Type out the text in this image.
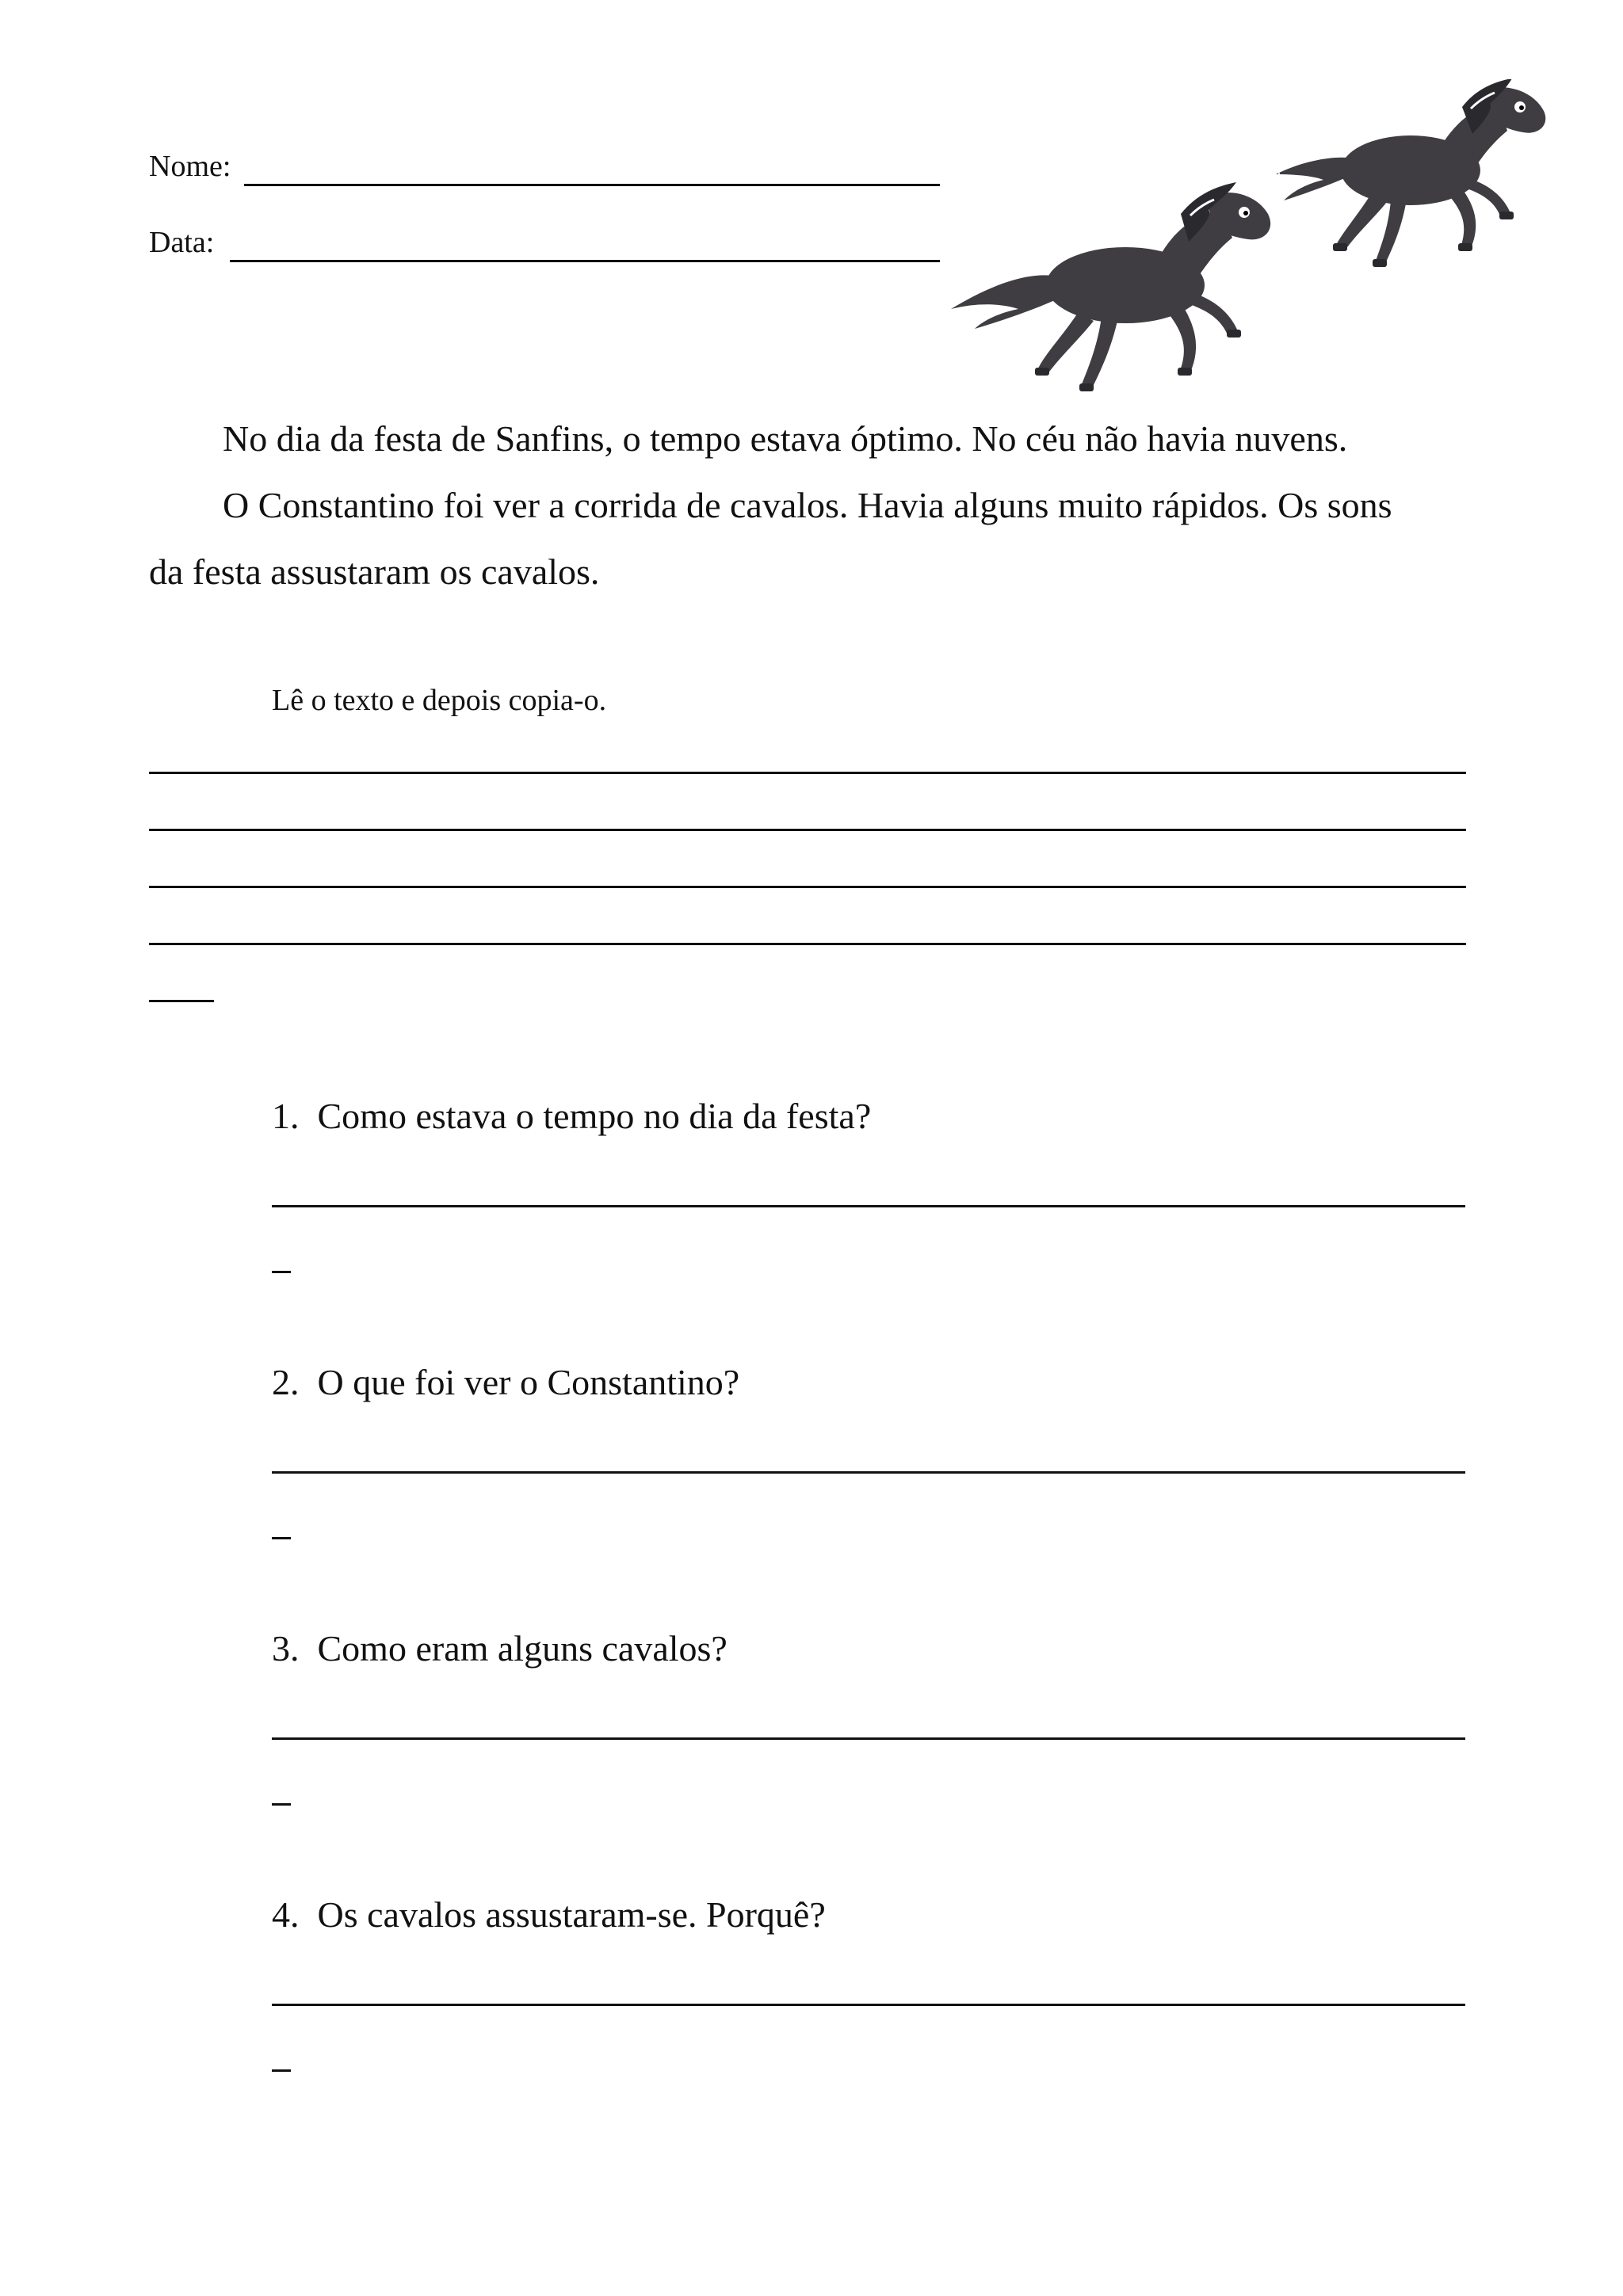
Nome:
Data:
No dia da festa de Sanfins, o tempo estava óptimo. No céu não havia nuvens.
O Constantino foi ver a corrida de cavalos. Havia alguns muito rápidos. Os sons
da festa assustaram os cavalos.
Lê o texto e depois copia-o.
1. Como estava o tempo no dia da festa?
2. O que foi ver o Constantino?
3. Como eram alguns cavalos?
4. Os cavalos assustaram-se. Porquê?
